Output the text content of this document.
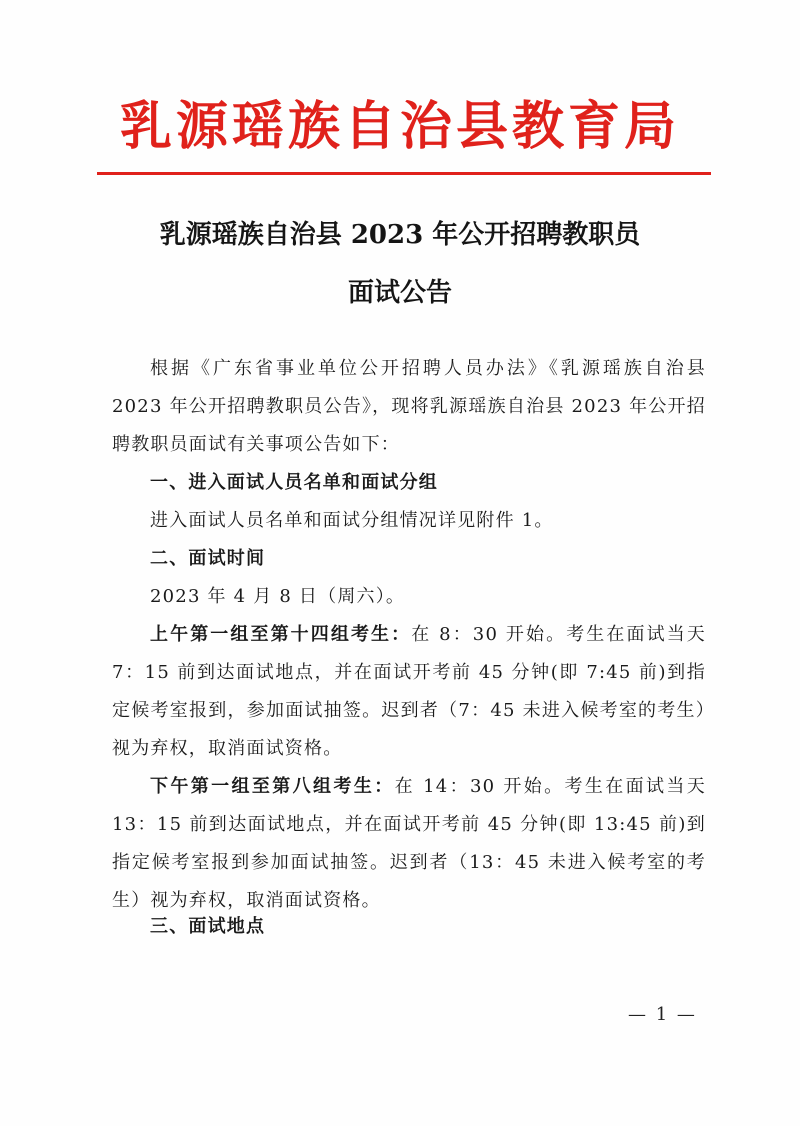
乳源瑶族自治县教育局
乳源瑶族自治县 2023 年公开招聘教职员
面试公告
根据《广东省事业单位公开招聘人员办法》《乳源瑶族自治县 2023 年公开招聘教职员公告》，现将乳源瑶族自治县 2023 年公开招聘教职员面试有关事项公告如下：
一、进入面试人员名单和面试分组
进入面试人员名单和面试分组情况详见附件 1。
二、面试时间
2023 年 4 月 8 日（周六）。
上午第一组至第十四组考生：在 8：30 开始。考生在面试当天 7：15 前到达面试地点，并在面试开考前 45 分钟(即 7:45 前)到指定候考室报到，参加面试抽签。迟到者（7：45 未进入候考室的考生）视为弃权，取消面试资格。
下午第一组至第八组考生：在 14：30 开始。考生在面试当天 13：15 前到达面试地点，并在面试开考前 45 分钟(即 13:45 前)到指定候考室报到参加面试抽签。迟到者（13：45 未进入候考室的考生）视为弃权，取消面试资格。
三、面试地点
— 1 —
